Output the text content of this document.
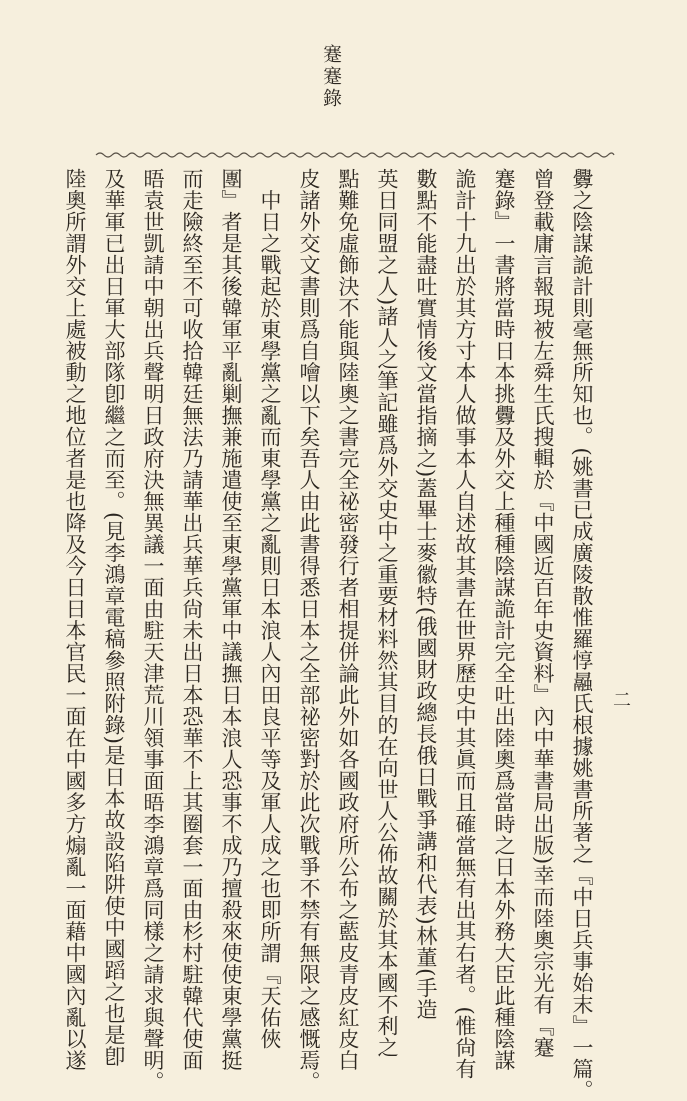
蹇蹇錄
二
釁之陰謀詭計則毫無所知也。(姚書已成廣陵散惟羅惇曧氏根據姚書所著之『中日兵事始末』一篇。
曾登載庸言報現被左舜生氏搜輯於『中國近百年史資料』內中華書局出版)幸而陸奧宗光有『蹇
蹇錄』一書將當時日本挑釁及外交上種種陰謀詭計完全吐出陸奧爲當時之日本外務大臣此種陰謀
詭計十九出於其方寸本人做事本人自述故其書在世界歷史中其眞而且確當無有出其右者。(惟尙有
數點不能盡吐實情後文當指摘之)蓋畢士麥徽特(俄國財政總長俄日戰爭講和代表)林董(手造
英日同盟之人)諸人之筆記雖爲外交史中之重要材料然其目的在向世人公佈故關於其本國不利之
點難免虛飾決不能與陸奧之書完全祕密發行者相提併論此外如各國政府所公布之藍皮青皮紅皮白
皮諸外交文書則爲自噲以下矣吾人由此書得悉日本之全部祕密對於此次戰爭不禁有無限之感慨焉。
　中日之戰起於東學黨之亂而東學黨之亂則日本浪人內田良平等及軍人成之也即所謂『天佑俠
團』者是其後韓軍平亂剿撫兼施遣使至東學黨軍中議撫日本浪人恐事不成乃擅殺來使使東學黨挺
而走險終至不可收拾韓廷無法乃請華出兵華兵尙未出日本恐華不上其圈套一面由杉村駐韓代使面
晤袁世凱請中朝出兵聲明日政府決無異議一面由駐天津荒川領事面晤李鴻章爲同樣之請求與聲明。
及華軍已出日軍大部隊卽繼之而至。(見李鴻章電稿參照附錄)是日本故設陷阱使中國蹈之也是卽
陸奧所謂外交上處被動之地位者是也降及今日日本官民一面在中國多方煽亂一面藉中國內亂以遂
